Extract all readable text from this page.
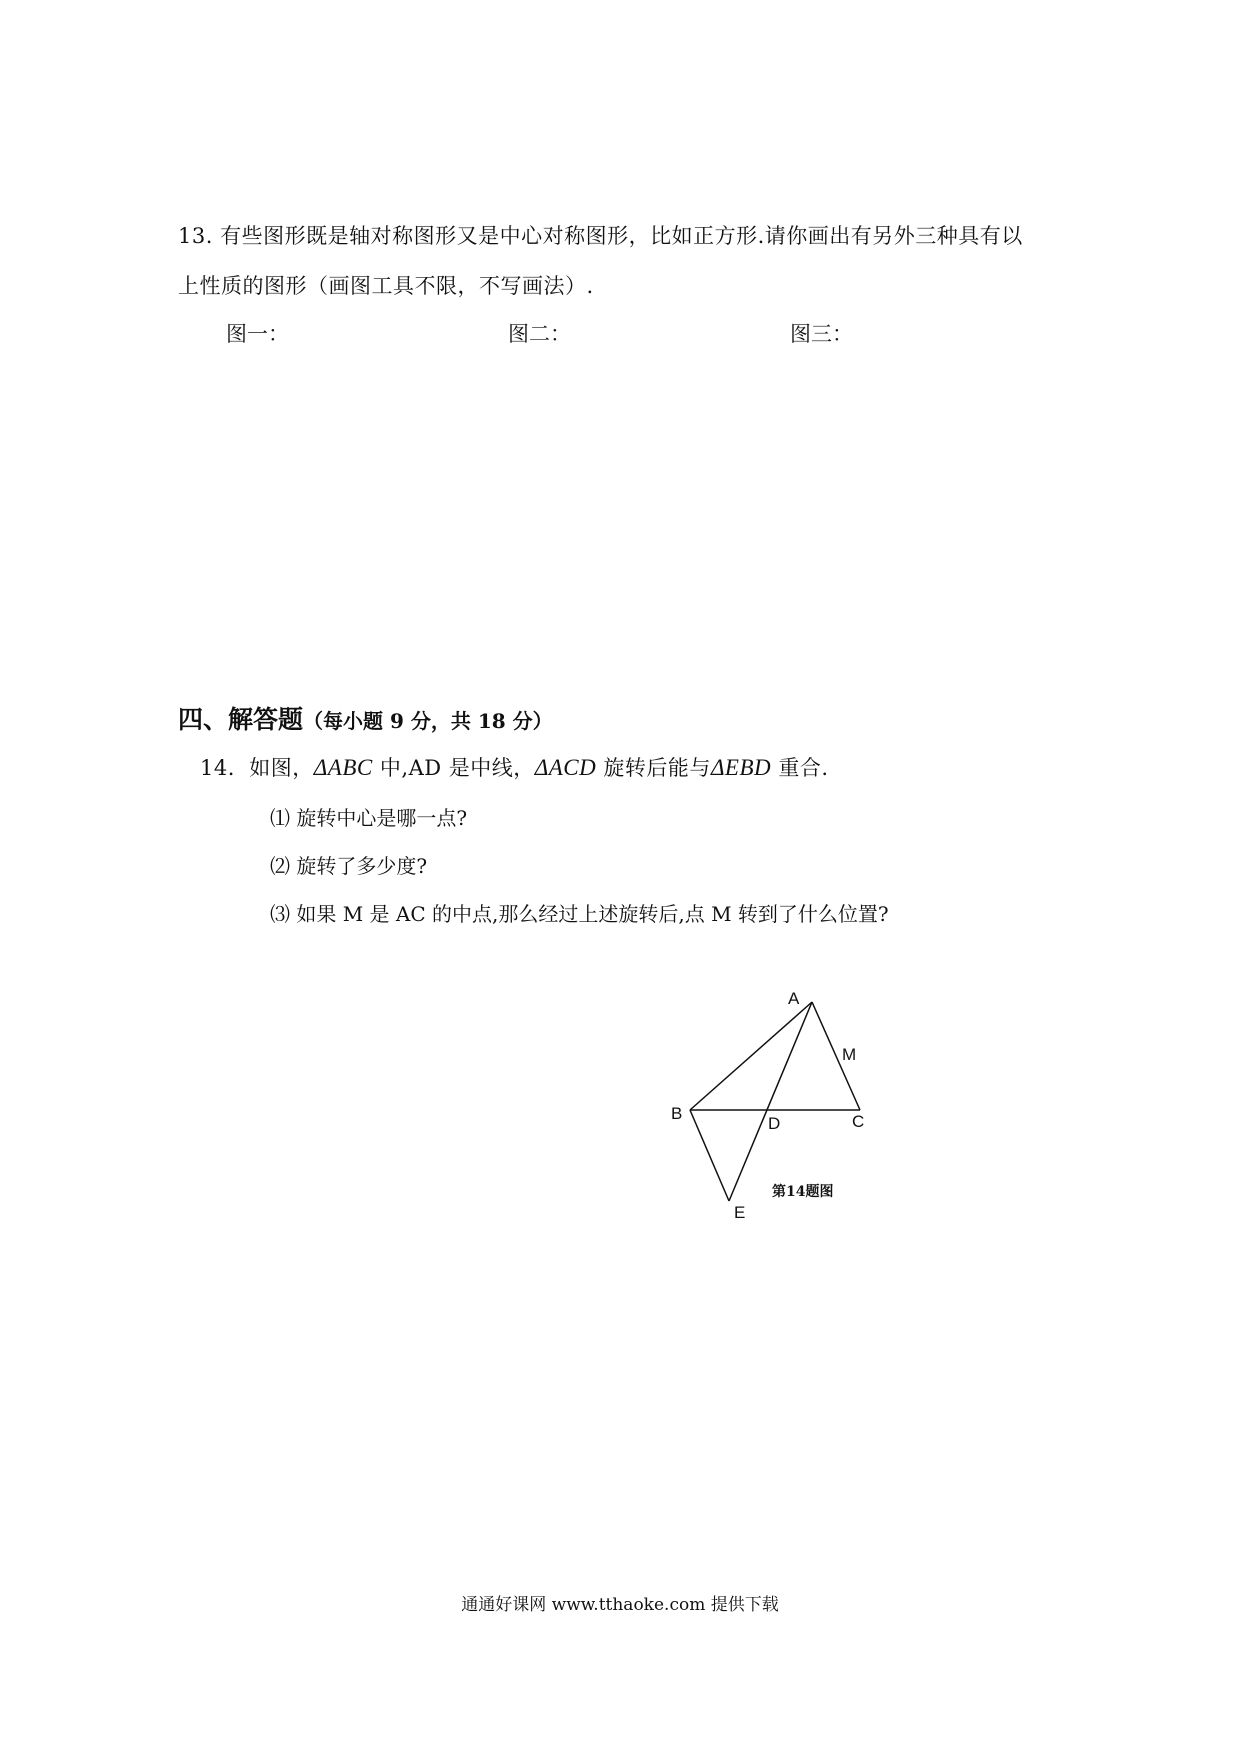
13. 有些图形既是轴对称图形又是中心对称图形，比如正方形.请你画出有另外三种具有以
上性质的图形（画图工具不限，不写画法）.
图一：	图二：	图三：
四、解答题（每小题 9 分，共 18 分）
14. 如图，ΔABC 中,AD 是中线，ΔACD 旋转后能与ΔEBD 重合.
⑴ 旋转中心是哪一点?
⑵ 旋转了多少度?
⑶ 如果 M 是 AC 的中点,那么经过上述旋转后,点 M 转到了什么位置?
A
M
B
D	C
E
第14题图
通通好课网 www.tthaoke.com 提供下载
